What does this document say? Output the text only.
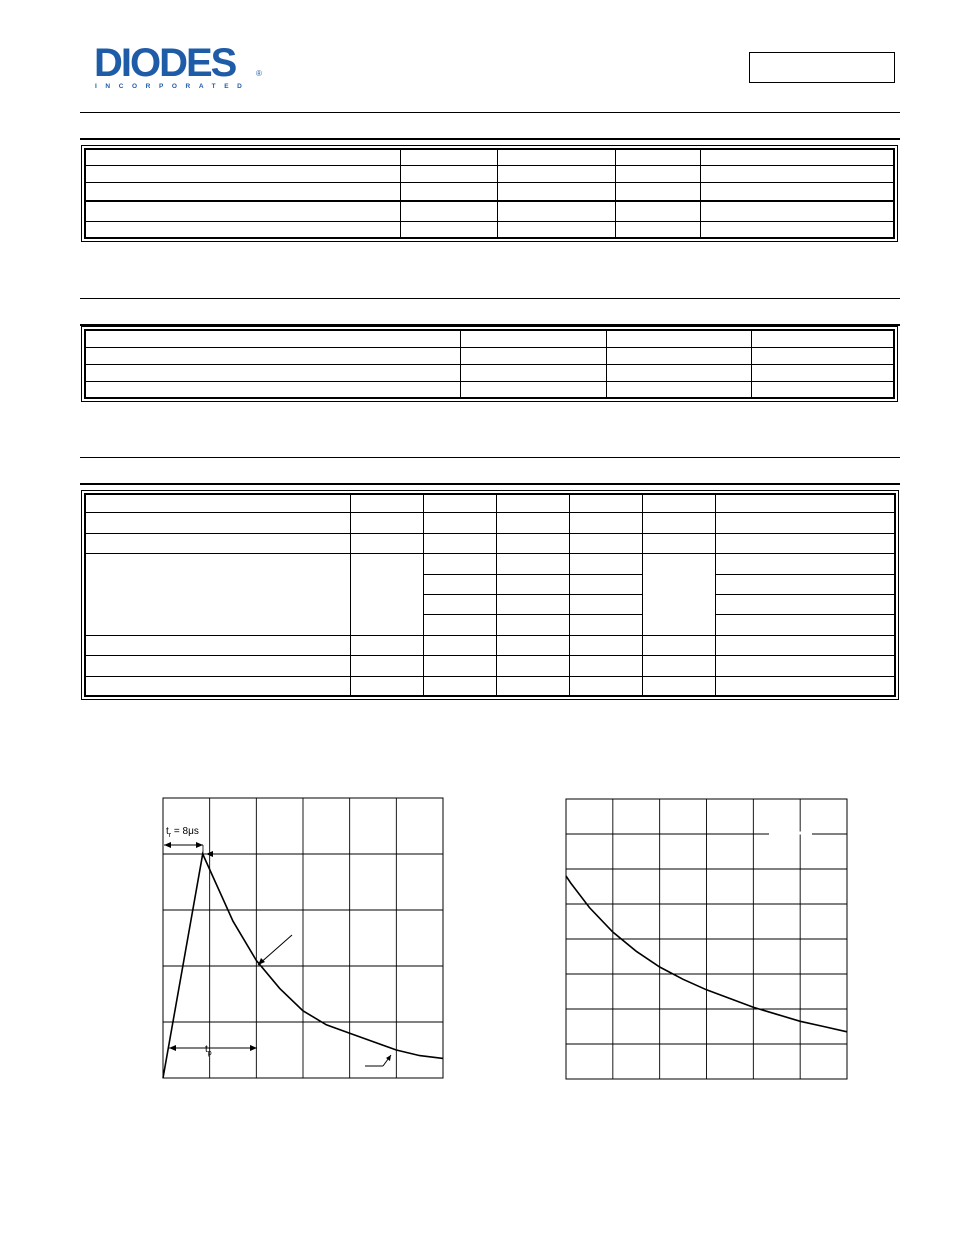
DIODES	®
INCORPORATED

$t_r = 8\mu s$
$t_p$
